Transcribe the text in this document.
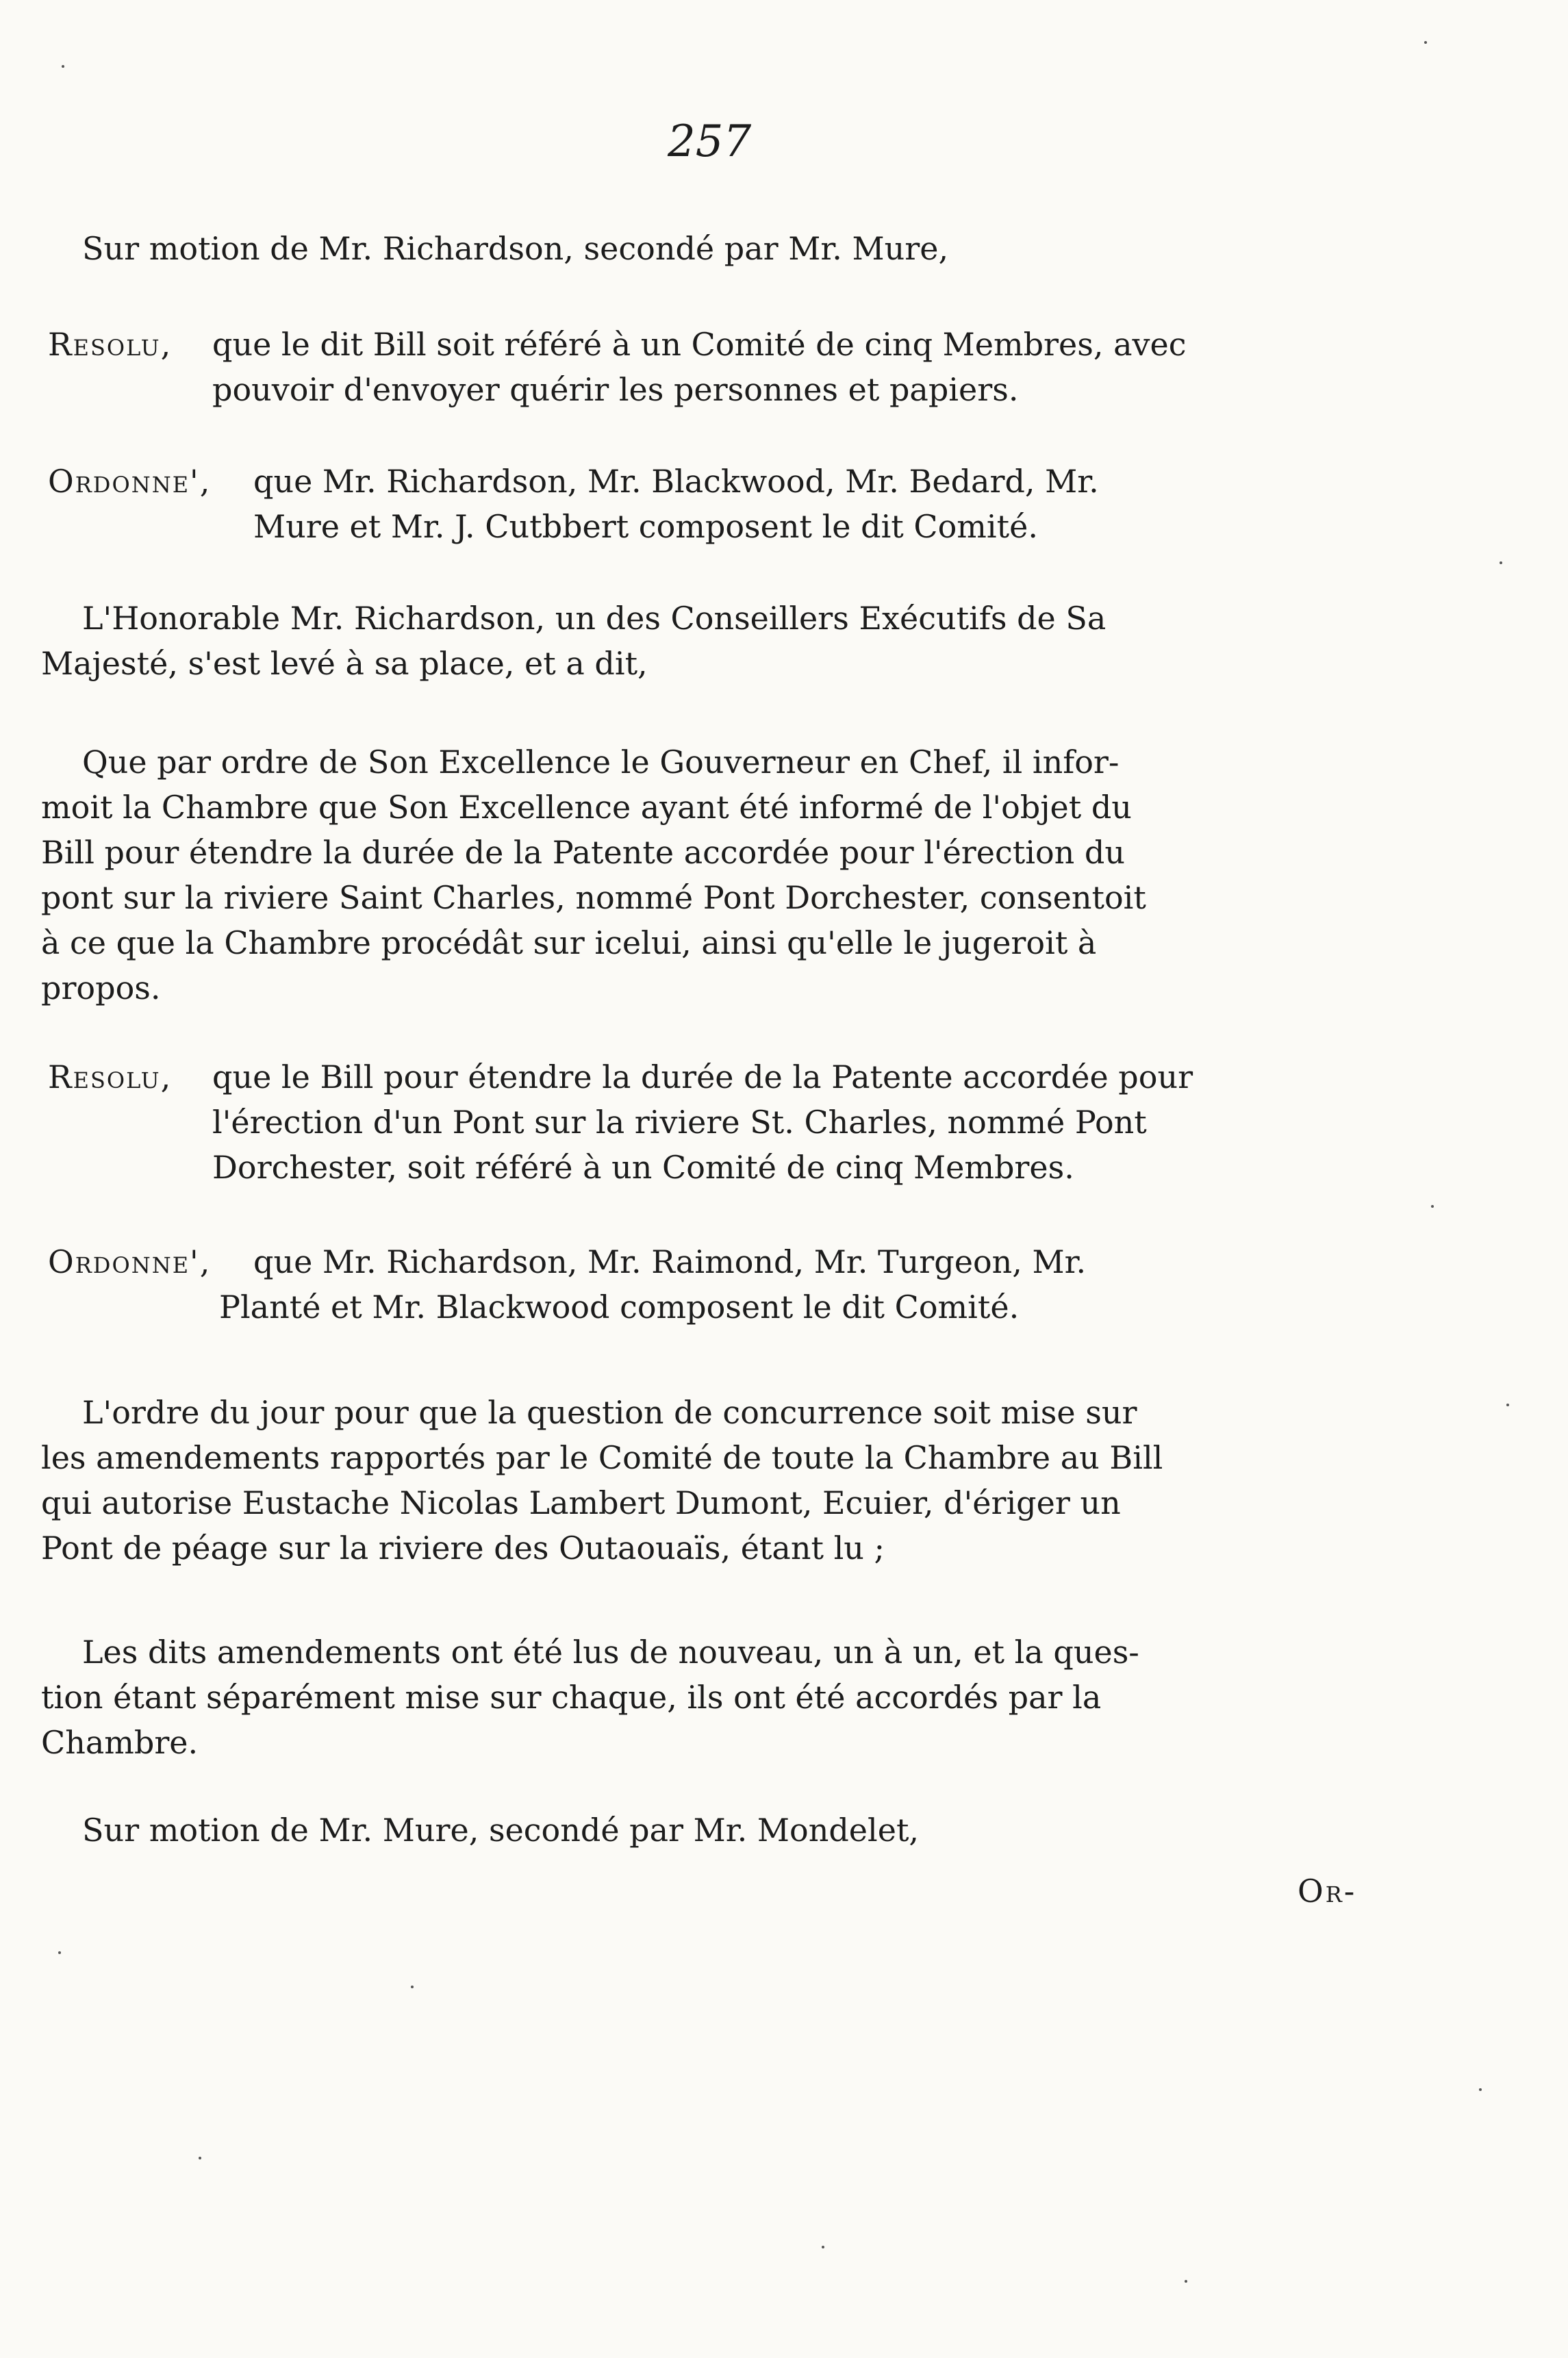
257
Sur motion de Mr. Richardson, secondé par Mr. Mure,
Resolu, que le dit Bill soit référé à un Comité de cinq Membres, avec
pouvoir d'envoyer quérir les personnes et papiers.
Ordonne', que Mr. Richardson, Mr. Blackwood, Mr. Bedard, Mr.
Mure et Mr. J. Cutbbert composent le dit Comité.
L'Honorable Mr. Richardson, un des Conseillers Exécutifs de Sa
Majesté, s'est levé à sa place, et a dit,
Que par ordre de Son Excellence le Gouverneur en Chef, il infor-
moit la Chambre que Son Excellence ayant été informé de l'objet du
Bill pour étendre la durée de la Patente accordée pour l'érection du
pont sur la riviere Saint Charles, nommé Pont Dorchester, consentoit
à ce que la Chambre procédât sur icelui, ainsi qu'elle le jugeroit à
propos.
Resolu, que le Bill pour étendre la durée de la Patente accordée pour
l'érection d'un Pont sur la riviere St. Charles, nommé Pont
Dorchester, soit référé à un Comité de cinq Membres.
Ordonne', que Mr. Richardson, Mr. Raimond, Mr. Turgeon, Mr.
Planté et Mr. Blackwood composent le dit Comité.
L'ordre du jour pour que la question de concurrence soit mise sur
les amendements rapportés par le Comité de toute la Chambre au Bill
qui autorise Eustache Nicolas Lambert Dumont, Ecuier, d'ériger un
Pont de péage sur la riviere des Outaouaïs, étant lu ;
Les dits amendements ont été lus de nouveau, un à un, et la ques-
tion étant séparément mise sur chaque, ils ont été accordés par la
Chambre.
Sur motion de Mr. Mure, secondé par Mr. Mondelet,
Or-
